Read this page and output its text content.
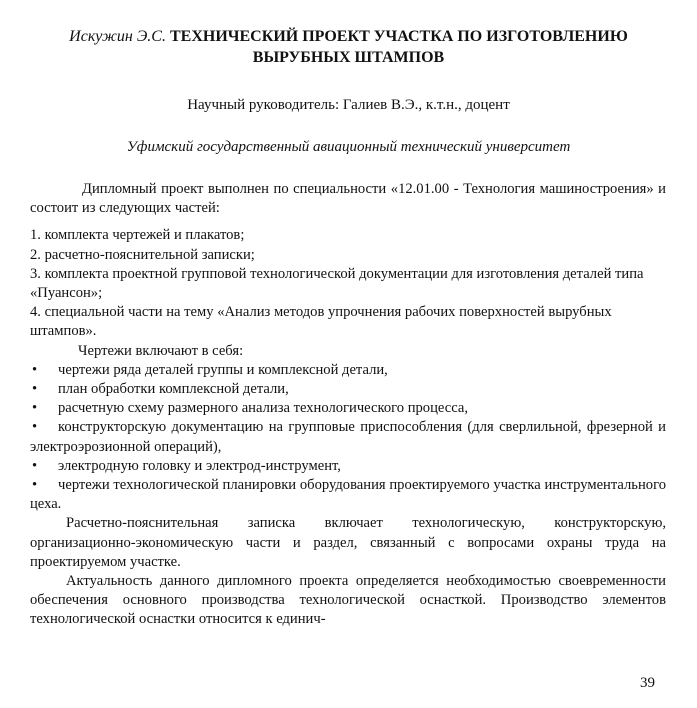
Искужин Э.С. ТЕХНИЧЕСКИЙ ПРОЕКТ УЧАСТКА ПО ИЗГОТОВЛЕНИЮ ВЫРУБНЫХ ШТАМПОВ
Научный руководитель: Галиев В.Э., к.т.н., доцент
Уфимский государственный авиационный технический университет

Дипломный проект выполнен по специальности «12.01.00 - Технология машиностроения» и состоит из следующих частей:

1. комплекта чертежей и плакатов;
2. расчетно-пояснительной записки;
3. комплекта проектной групповой технологической документации для изготовления деталей типа «Пуансон»;
4. специальной части на тему «Анализ методов упрочнения рабочих поверхностей вырубных штампов».

Чертежи включают в себя:

• чертежи ряда деталей группы и комплексной детали,
• план обработки комплексной детали,
• расчетную схему размерного анализа технологического процесса,
• конструкторскую документацию на групповые приспособления (для сверлильной, фрезерной и электроэрозионной операций),
• электродную головку и электрод-инструмент,
• чертежи технологической планировки оборудования проектируемого участка инструментального цеха.

Расчетно-пояснительная записка включает технологическую, конструкторскую, организационно-экономическую части и раздел, связанный с вопросами охраны труда на проектируемом участке.

Актуальность данного дипломного проекта определяется необходимостью своевременности обеспечения основного производства технологической оснасткой. Производство элементов технологической оснастки относится к единич-

39
